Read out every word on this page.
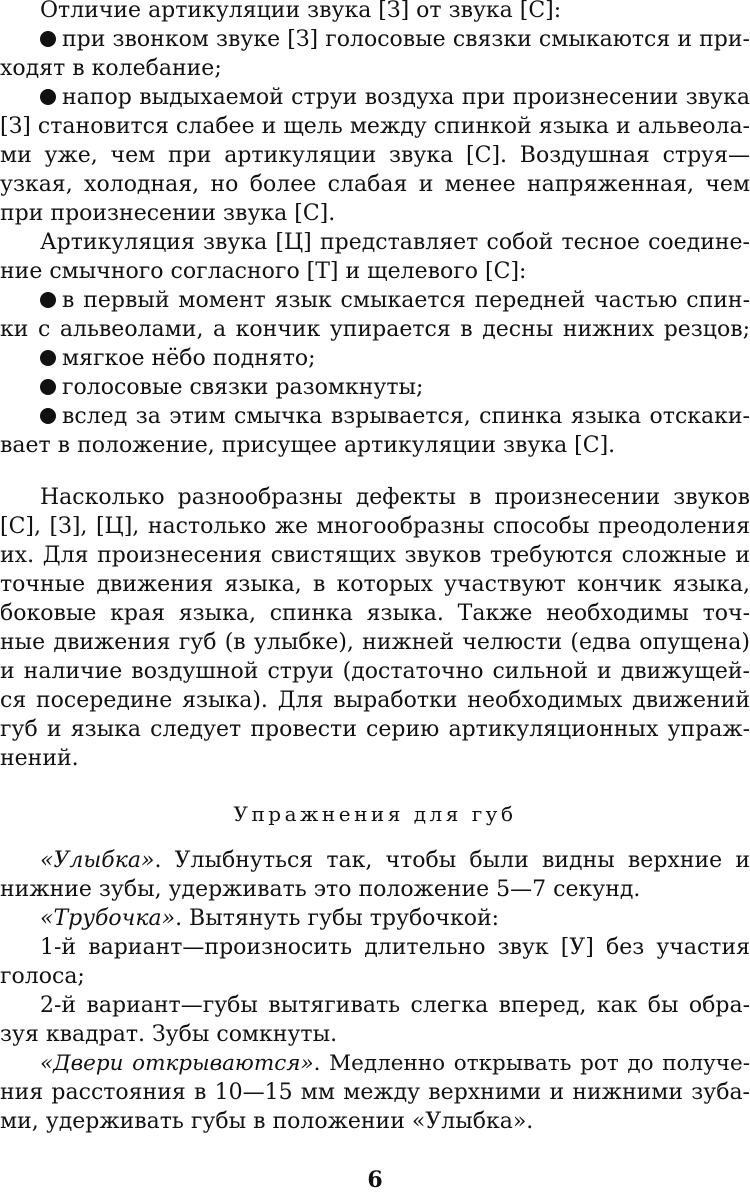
Отличие артикуляции звука [З] от звука [С]:
при звонком звуке [З] голосовые связки смыкаются и при-
ходят в колебание;
напор выдыхаемой струи воздуха при произнесении звука
[З] становится слабее и щель между спинкой языка и альвеола-
ми уже, чем при артикуляции звука [С]. Воздушная струя—
узкая, холодная, но более слабая и менее напряженная, чем
при произнесении звука [С].
Артикуляция звука [Ц] представляет собой тесное соедине-
ние смычного согласного [Т] и щелевого [С]:
в первый момент язык смыкается передней частью спин-
ки с альвеолами, а кончик упирается в десны нижних резцов;
мягкое нёбо поднято;
голосовые связки разомкнуты;
вслед за этим смычка взрывается, спинка языка отскаки-
вает в положение, присущее артикуляции звука [С].
Насколько разнообразны дефекты в произнесении звуков
[С], [З], [Ц], настолько же многообразны способы преодоления
их. Для произнесения свистящих звуков требуются сложные и
точные движения языка, в которых участвуют кончик языка,
боковые края языка, спинка языка. Также необходимы точ-
ные движения губ (в улыбке), нижней челюсти (едва опущена)
и наличие воздушной струи (достаточно сильной и движущей-
ся посередине языка). Для выработки необходимых движений
губ и языка следует провести серию артикуляционных упраж-
нений.
Упражнения для губ
«Улыбка». Улыбнуться так, чтобы были видны верхние и
нижние зубы, удерживать это положение 5—7 секунд.
«Трубочка». Вытянуть губы трубочкой:
1-й вариант—произносить длительно звук [У] без участия
голоса;
2-й вариант—губы вытягивать слегка вперед, как бы обра-
зуя квадрат. Зубы сомкнуты.
«Двери открываются». Медленно открывать рот до получе-
ния расстояния в 10—15 мм между верхними и нижними зуба-
ми, удерживать губы в положении «Улыбка».
6
